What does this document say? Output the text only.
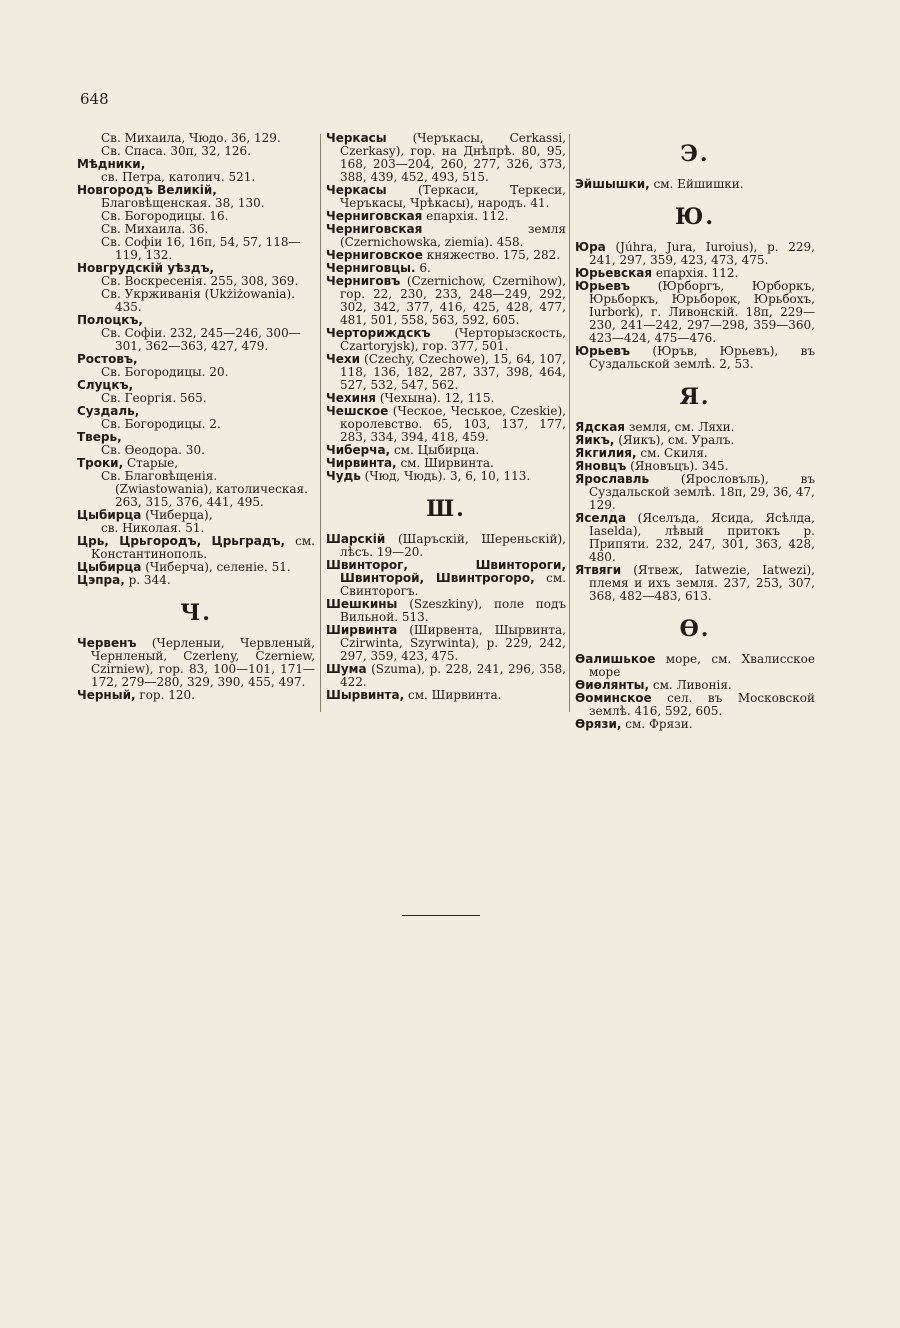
648

Св. Михаила, Чюдо. 36, 129.

Св. Спаса. 30п, 32, 126.

Мѣдники,

св. Петра, католич. 521.

Новгородъ Великій,

Благовѣщенская. 38, 130.

Св. Богородицы. 16.

Св. Михаила. 36.

Св. Софіи 16, 16п, 54, 57, 118—119, 132.

Новгрудскій уѣздъ,

Св. Воскресенія. 255, 308, 369.

Св. Укрживанія (Ukżiżowania). 435.

Полоцкъ,

Св. Софіи. 232, 245—246, 300—301, 362—363, 427, 479.

Ростовъ,

Св. Богородицы. 20.

Слуцкъ,

Св. Георгія. 565.

Суздаль,

Св. Богородицы. 2.

Тверь,

Св. Ѳеодора. 30.

Троки, Старые,

Св. Благовѣщенія. (Zwiastowania), католическая. 263, 315, 376, 441, 495.

Цыбирца (Чиберца),

св. Николая. 51.

Црь, Црьгородъ, Црьградъ, см. Константинополь.

Цыбирца (Чиберча), селеніе. 51.

Цэпра, р. 344.

Ч.

Червенъ (Черленыи, Червленый, Чернленый, Czerleny, Czerniew, Czirniew), гор. 83, 100—101, 171—172, 279—280, 329, 390, 455, 497.

Черный, гор. 120.

Черкасы (Черъкасы, Cerkassi, Czerkasy), гор. на Днѣпрѣ. 80, 95, 168, 203—204, 260, 277, 326, 373, 388, 439, 452, 493, 515.

Черкасы	(Теркаси, Теркеси, Черъкасы, Чрѣкасы), народъ. 41.

Черниговская епархія. 112.

Черниговская	земля (Czernichowska, ziemia). 458.

Черниговское княжество. 175, 282.

Черниговцы. 6.

Черниговъ (Czernichow, Czernihow), гор. 22, 230, 233, 248—249, 292, 302, 342, 377, 416, 425, 428, 477, 481, 501, 558, 563, 592, 605.

Черториждскъ (Черторызскость, Czartoryjsk), гор. 377, 501.

Чехи (Czechy, Czechowe), 15, 64, 107, 118, 136, 182, 287, 337, 398, 464, 527, 532, 547, 562.

Чехиня (Чехына). 12, 115.

Чешское (Ческое, Чеськое, Czeskie), королевство. 65, 103, 137, 177, 283, 334, 394, 418, 459.

Чиберча, см. Цыбирца.

Чирвинта, см. Ширвинта.

Чудь (Чюд, Чюдь). 3, 6, 10, 113.

Ш.

Шарскій (Шаръскій, Шереньскій), лѣсъ. 19—20.

Швинторог, Швинтороги, Швинторой, Швинтрогоро, см. Свинторогъ.

Шешкины (Szeszkiny), поле подъ Вильной. 513.

Ширвинта (Ширвента, Шырвинта, Czirwinta, Szyrwinta), р. 229, 242, 297, 359, 423, 475.

Шума (Szuma), р. 228, 241, 296, 358, 422.

Шырвинта, см. Ширвинта.

Э.

Эйшышки, см. Ейшишки.

Ю.

Юра (Júhra, Jura, Iuroius), р. 229, 241, 297, 359, 423, 473, 475.

Юрьевская епархія. 112.

Юрьевъ (Юрборгъ, Юрборкъ, Юрьборкъ, Юрьборок, Юрьбохъ, Iurbork), г. Ливонскій. 18п, 229—230, 241—242, 297—298, 359—360, 423—424, 475—476.

Юрьевъ (Юръв, Юрьевъ), въ Суздальской землѣ. 2, 53.

Я.

Ядская земля, см. Ляхи.

Яикъ, (Яикъ), см. Уралъ.

Якгилия, см. Скиля.

Яновцъ (Яновъцъ). 345.

Ярославль	(Ярословъль), въ Суздальской землѣ. 18п, 29, 36, 47, 129.

Яселда (Яселъда, Ясида, Ясѣлда, Iaselda), лѣвый притокъ р. Припяти. 232, 247, 301, 363, 428, 480.

Ятвяги (Ятвеж, Iatwezie, Iatwezi), племя и ихъ земля. 237, 253, 307, 368, 482—483, 613.

Ѳ.

Ѳалишькое море, см. Хвалисское море

Ѳиѳлянты, см. Ливонія.

Ѳоминское сел. въ Московской землѣ. 416, 592, 605.

Ѳрязи, см. Фрязи.
